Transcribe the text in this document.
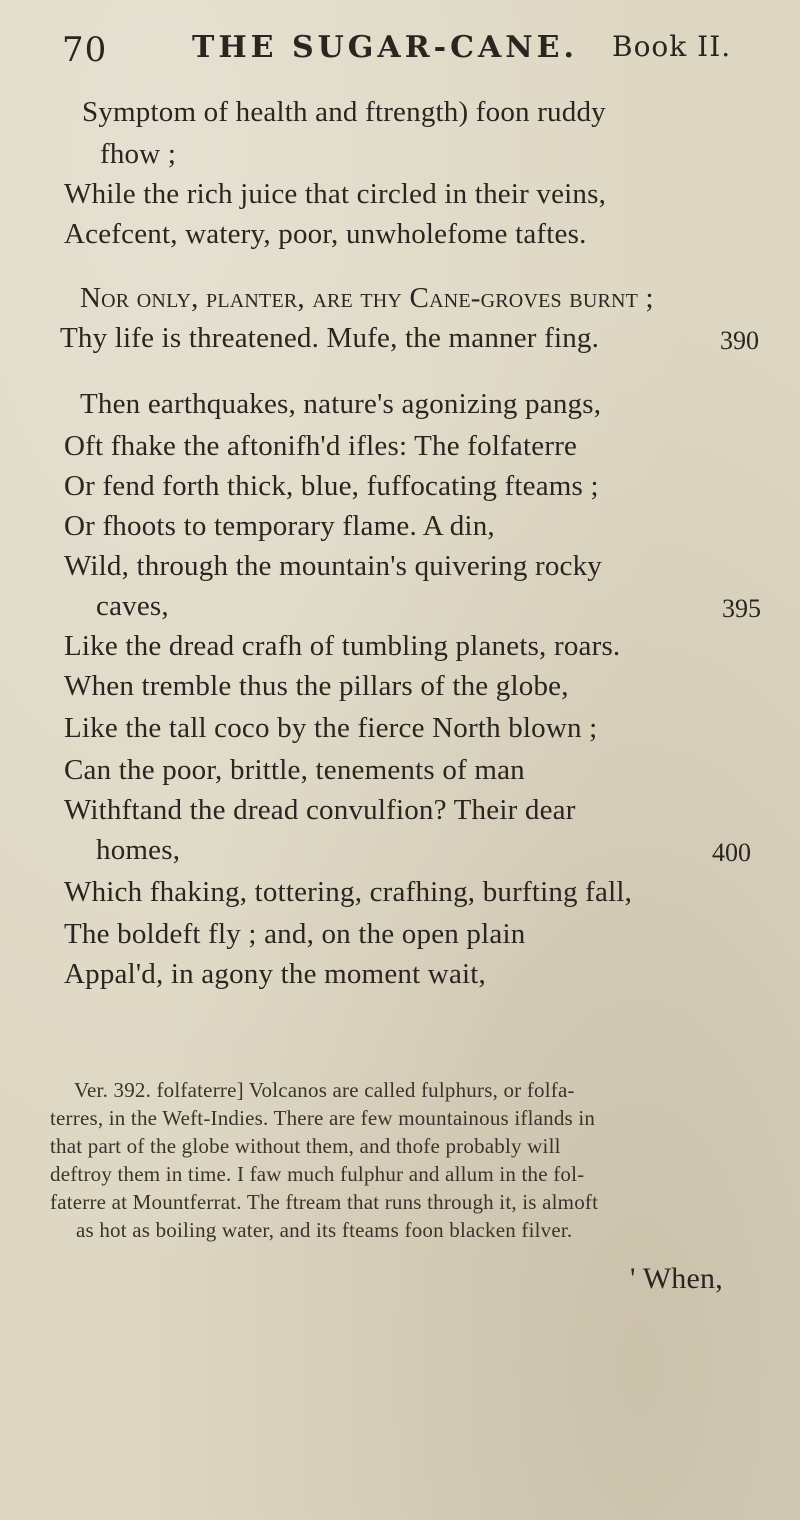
70	THE SUGAR-CANE. Book II.
Symptom of health and ftrength) foon ruddy
fhow ;
While the rich juice that circled in their veins,
Acefcent, watery, poor, unwholefome taftes.
Nor only, planter, are thy Cane-groves burnt ;
Thy life is threatened. Mufe, the manner fing.	390
Then earthquakes, nature's agonizing pangs,
Oft fhake the aftonifh'd ifles: The folfaterre
Or fend forth thick, blue, fuffocating fteams ;
Or fhoots to temporary flame. A din,
Wild, through the mountain's quivering rocky
caves,	395
Like the dread crafh of tumbling planets, roars.
When tremble thus the pillars of the globe,
Like the tall coco by the fierce North blown ;
Can the poor, brittle, tenements of man
Withftand the dread convulfion? Their dear
homes,	400
Which fhaking, tottering, crafhing, burfting fall,
The boldeft fly ; and, on the open plain
Appal'd, in agony the moment wait,
Ver. 392. folfaterre] Volcanos are called fulphurs, or folfa-
terres, in the Weft-Indies. There are few mountainous iflands in
that part of the globe without them, and thofe probably will
deftroy them in time. I faw much fulphur and allum in the fol-
faterre at Mountferrat. The ftream that runs through it, is almoft
as hot as boiling water, and its fteams foon blacken filver.
' When,
